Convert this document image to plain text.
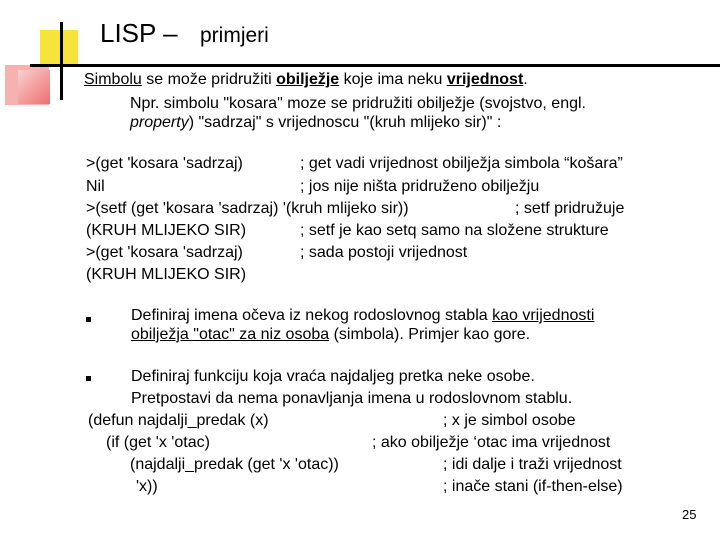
LISP – primjeri
Simbolu se može pridružiti obilježje koje ima neku vrijednost.
Npr. simbolu "kosara" moze se pridružiti obilježje (svojstvo, engl.
property) "sadrzaj" s vrijednoscu "(kruh mlijeko sir)" :
>(get 'kosara 'sadrzaj)	; get vadi vrijednost obilježja simbola “košara”
Nil	; jos nije ništa pridruženo obilježju
>(setf (get 'kosara 'sadrzaj) '(kruh mlijeko sir))	; setf pridružuje
(KRUH MLIJEKO SIR)	; setf je kao setq samo na složene strukture
>(get 'kosara 'sadrzaj)	; sada postoji vrijednost
(KRUH MLIJEKO SIR)
Definiraj imena očeva iz nekog rodoslovnog stabla kao vrijednosti
obilježja "otac" za niz osoba (simbola). Primjer kao gore.
Definiraj funkciju koja vraća najdaljeg pretka neke osobe.
Pretpostavi da nema ponavljanja imena u rodoslovnom stablu.
(defun najdalji_predak (x)	; x je simbol osobe
(if (get 'x 'otac)	; ako obilježje ‘otac ima vrijednost
(najdalji_predak (get 'x 'otac))	; idi dalje i traži vrijednost
'x))	; inače stani (if-then-else)
25
